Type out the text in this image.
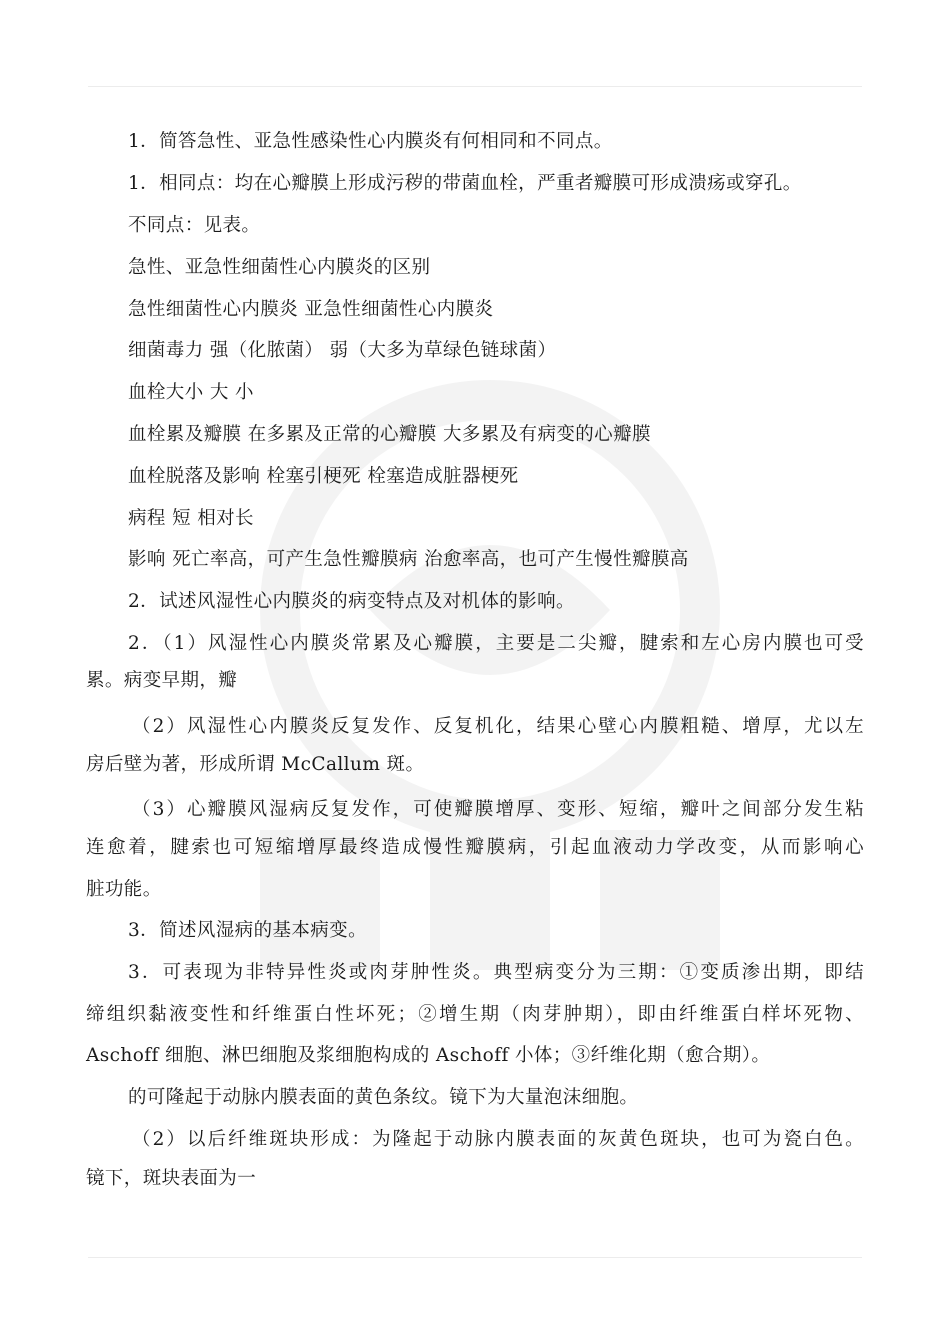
1．简答急性、亚急性感染性心内膜炎有何相同和不同点。
1．相同点：均在心瓣膜上形成污秽的带菌血栓，严重者瓣膜可形成溃疡或穿孔。
不同点：见表。
急性、亚急性细菌性心内膜炎的区别
急性细菌性心内膜炎 亚急性细菌性心内膜炎
细菌毒力 强（化脓菌） 弱（大多为草绿色链球菌）
血栓大小 大 小
血栓累及瓣膜 在多累及正常的心瓣膜 大多累及有病变的心瓣膜
血栓脱落及影响 栓塞引梗死 栓塞造成脏器梗死
病程 短 相对长
影响 死亡率高，可产生急性瓣膜病 治愈率高，也可产生慢性瓣膜高
2．试述风湿性心内膜炎的病变特点及对机体的影响。
2．（1）风湿性心内膜炎常累及心瓣膜，主要是二尖瓣，腱索和左心房内膜也可受
累。病变早期，瓣
（2）风湿性心内膜炎反复发作、反复机化，结果心壁心内膜粗糙、增厚，尤以左
房后壁为著，形成所谓 McCallum 斑。
（3）心瓣膜风湿病反复发作，可使瓣膜增厚、变形、短缩，瓣叶之间部分发生粘
连愈着，腱索也可短缩增厚最终造成慢性瓣膜病，引起血液动力学改变，从而影响心
脏功能。
3．简述风湿病的基本病变。
3．可表现为非特异性炎或肉芽肿性炎。典型病变分为三期：①变质渗出期，即结
缔组织黏液变性和纤维蛋白性坏死；②增生期（肉芽肿期），即由纤维蛋白样坏死物、
Aschoff 细胞、淋巴细胞及浆细胞构成的 Aschoff 小体；③纤维化期（愈合期）。
的可隆起于动脉内膜表面的黄色条纹。镜下为大量泡沫细胞。
（2）以后纤维斑块形成：为隆起于动脉内膜表面的灰黄色斑块，也可为瓷白色。
镜下，斑块表面为一
